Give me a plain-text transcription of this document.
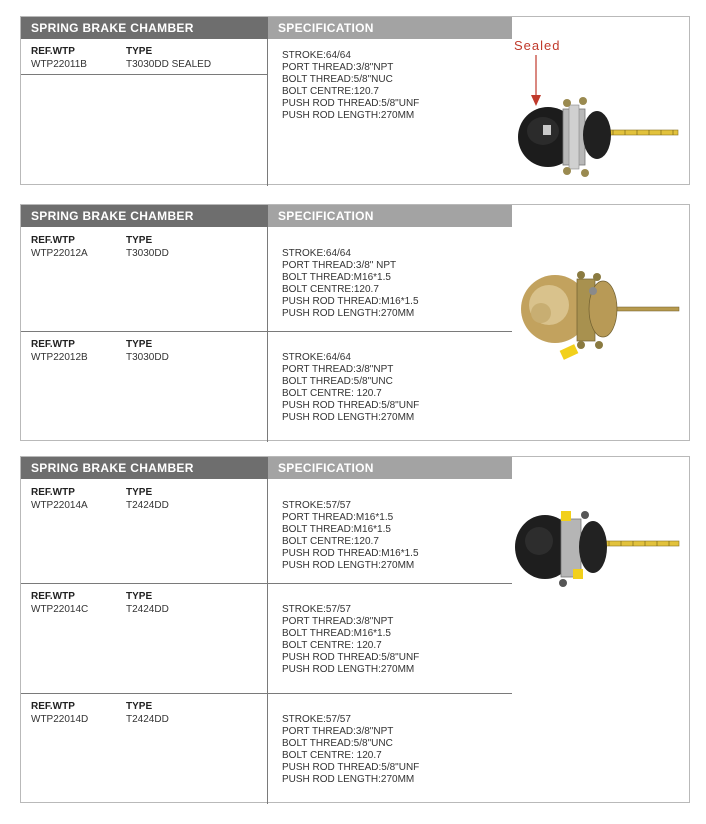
SPRING BRAKE CHAMBER	SPECIFICATION
REF.WTP	TYPE
WTP22011B	T3030DD SEALED
STROKE:64/64
PORT THREAD:3/8"NPT
BOLT THREAD:5/8"NUC
BOLT CENTRE:120.7
PUSH ROD THREAD:5/8"UNF
PUSH ROD LENGTH:270MM
Sealed
SPRING BRAKE CHAMBER	SPECIFICATION
REF.WTP	TYPE
WTP22012A	T3030DD	STROKE:64/64
PORT THREAD:3/8" NPT
BOLT THREAD:M16*1.5
BOLT CENTRE:120.7
PUSH ROD THREAD:M16*1.5
PUSH ROD LENGTH:270MM
REF.WTP	TYPE
WTP22012B	T3030DD	STROKE:64/64
PORT THREAD:3/8"NPT
BOLT THREAD:5/8"UNC
BOLT CENTRE: 120.7
PUSH ROD THREAD:5/8"UNF
PUSH ROD LENGTH:270MM
SPRING BRAKE CHAMBER	SPECIFICATION
REF.WTP	TYPE
WTP22014A	T2424DD	STROKE:57/57
PORT THREAD:M16*1.5
BOLT THREAD:M16*1.5
BOLT CENTRE:120.7
PUSH ROD THREAD:M16*1.5
PUSH ROD LENGTH:270MM
REF.WTP	TYPE
WTP22014C	T2424DD	STROKE:57/57
PORT THREAD:3/8"NPT
BOLT THREAD:M16*1.5
BOLT CENTRE: 120.7
PUSH ROD THREAD:5/8"UNF
PUSH ROD LENGTH:270MM
REF.WTP	TYPE
WTP22014D	T2424DD	STROKE:57/57
PORT THREAD:3/8"NPT
BOLT THREAD:5/8"UNC
BOLT CENTRE: 120.7
PUSH ROD THREAD:5/8"UNF
PUSH ROD LENGTH:270MM
